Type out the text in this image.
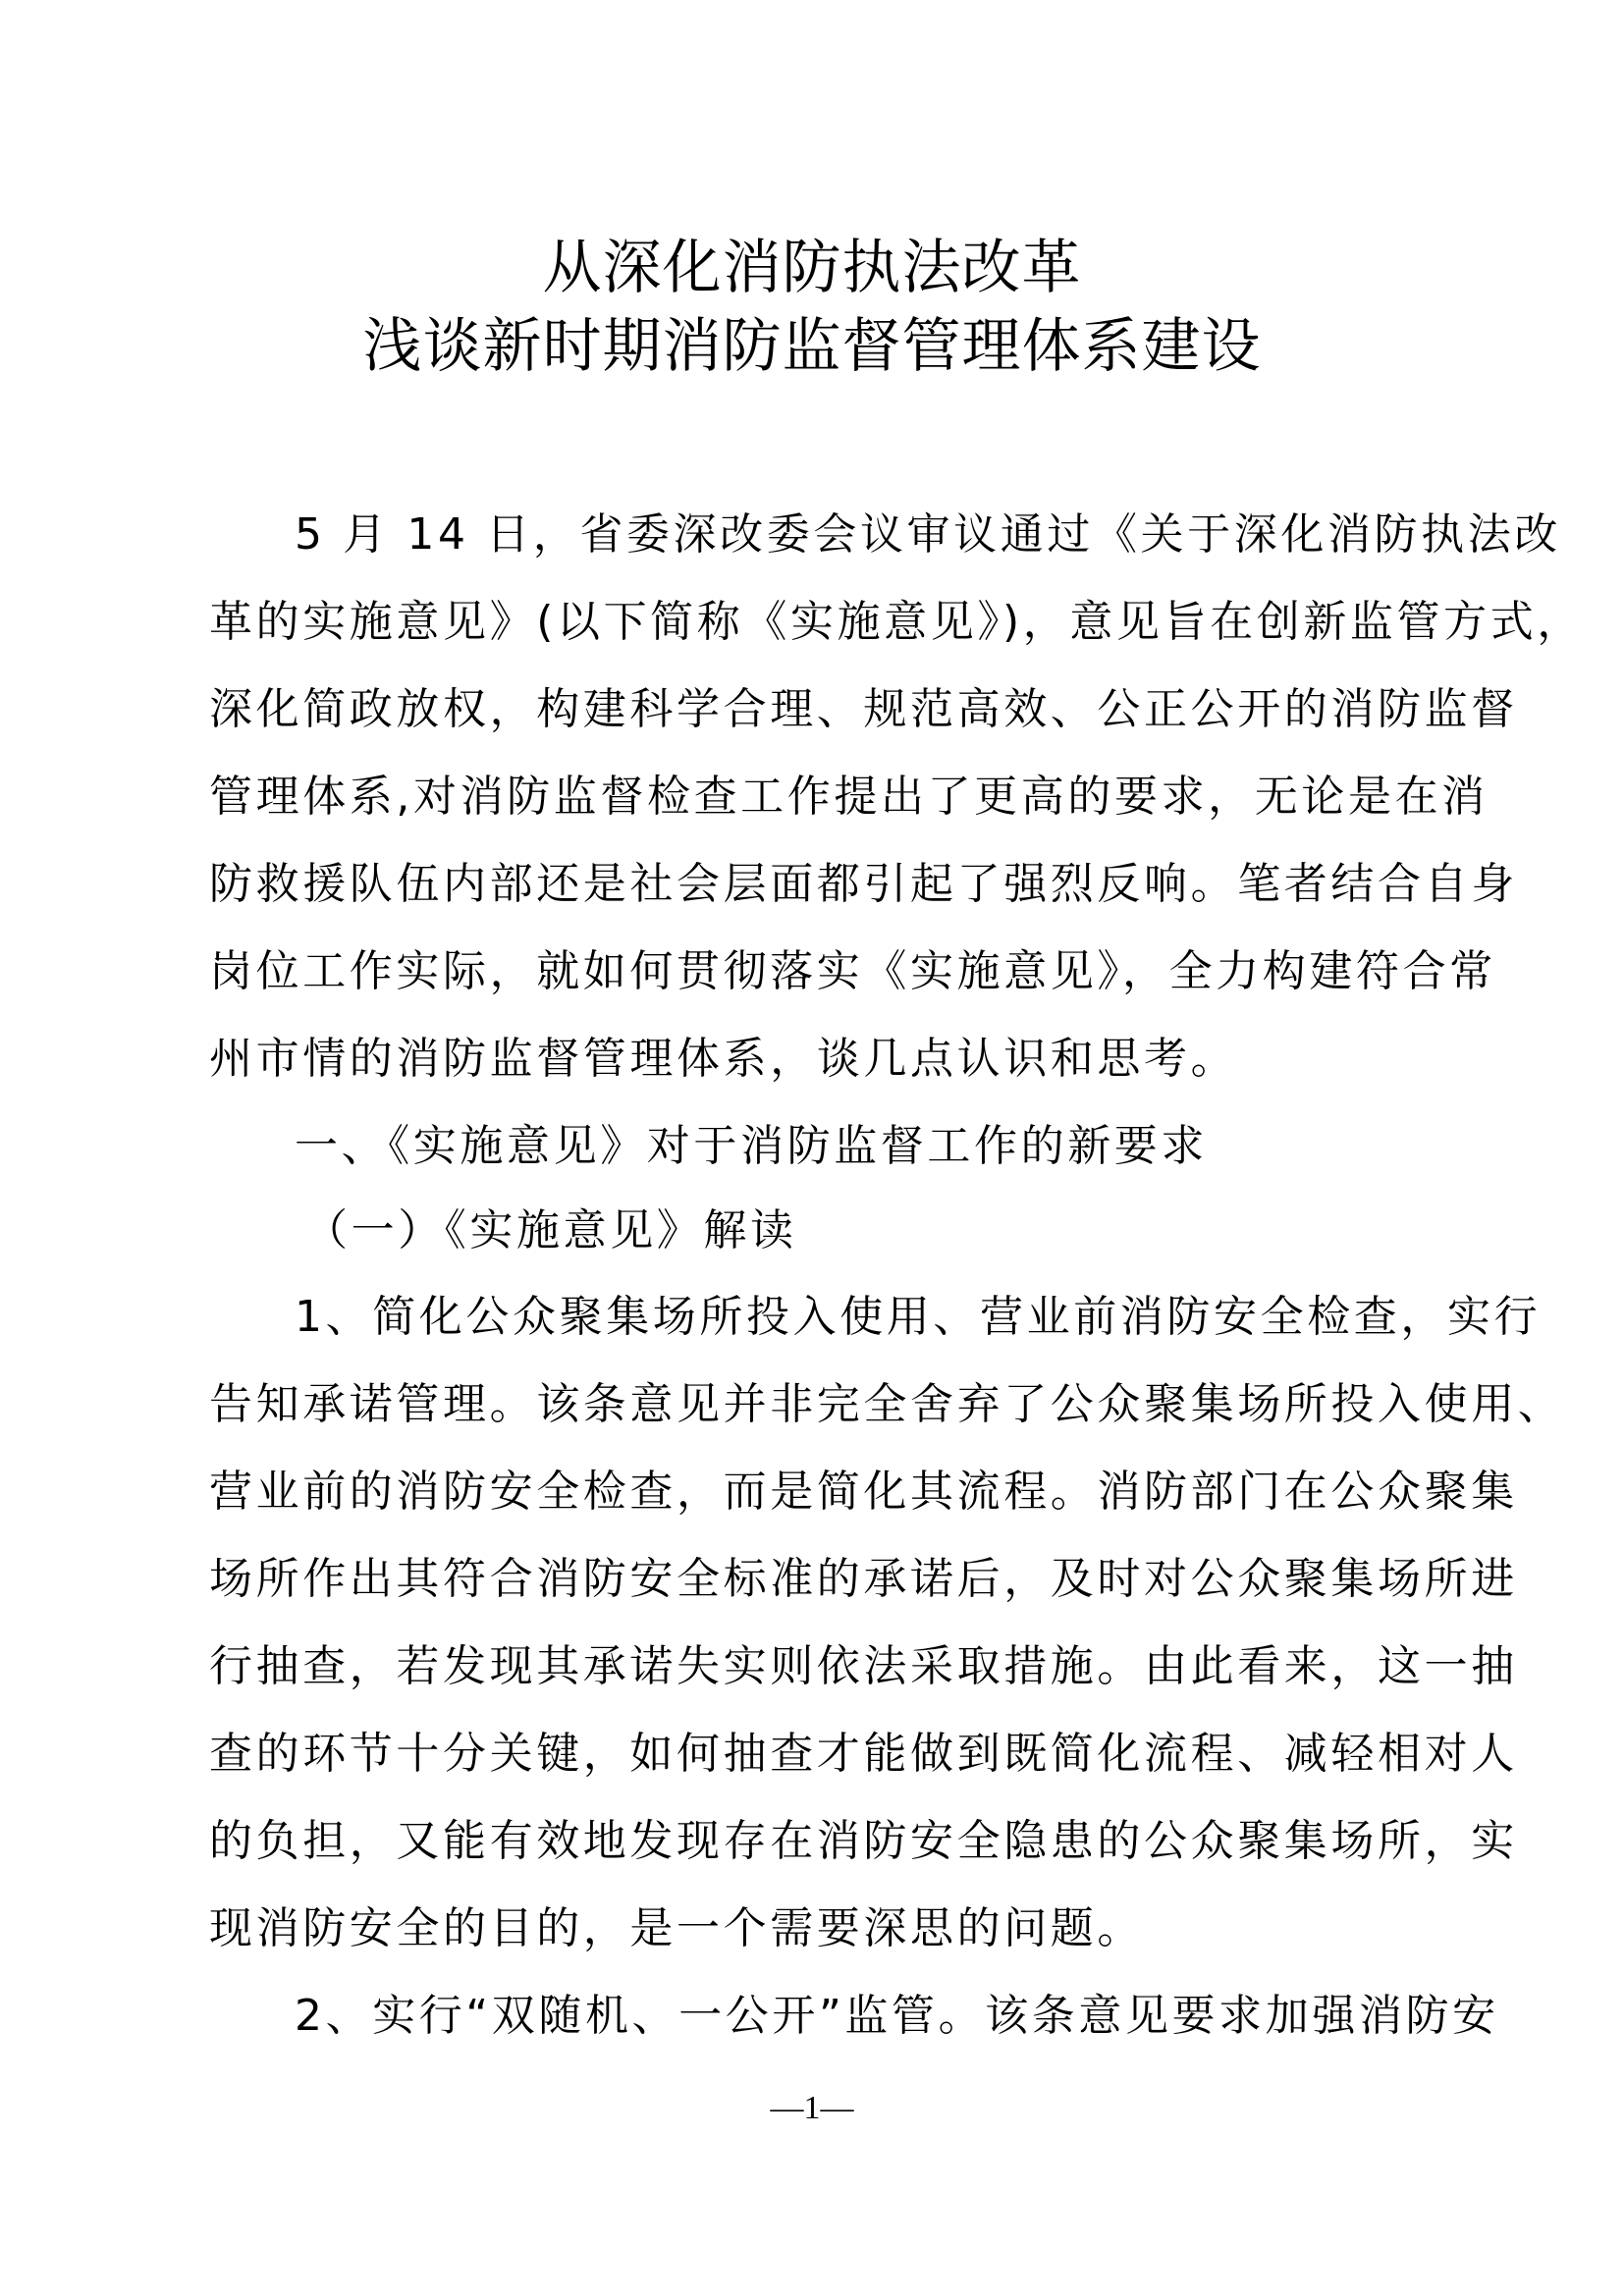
从深化消防执法改革
浅谈新时期消防监督管理体系建设
5 月 14 日，省委深改委会议审议通过《关于深化消防执法改
革的实施意见》(以下简称《实施意见》)，意见旨在创新监管方式，
深化简政放权，构建科学合理、规范高效、公正公开的消防监督
管理体系,对消防监督检查工作提出了更高的要求，无论是在消
防救援队伍内部还是社会层面都引起了强烈反响。笔者结合自身
岗位工作实际，就如何贯彻落实《实施意见》，全力构建符合常
州市情的消防监督管理体系，谈几点认识和思考。
一、《实施意见》对于消防监督工作的新要求
（一）《实施意见》解读
1、简化公众聚集场所投入使用、营业前消防安全检查，实行
告知承诺管理。该条意见并非完全舍弃了公众聚集场所投入使用、
营业前的消防安全检查，而是简化其流程。消防部门在公众聚集
场所作出其符合消防安全标准的承诺后，及时对公众聚集场所进
行抽查，若发现其承诺失实则依法采取措施。由此看来，这一抽
查的环节十分关键，如何抽查才能做到既简化流程、减轻相对人
的负担，又能有效地发现存在消防安全隐患的公众聚集场所，实
现消防安全的目的，是一个需要深思的问题。
2、实行“双随机、一公开”监管。该条意见要求加强消防安
—1—
